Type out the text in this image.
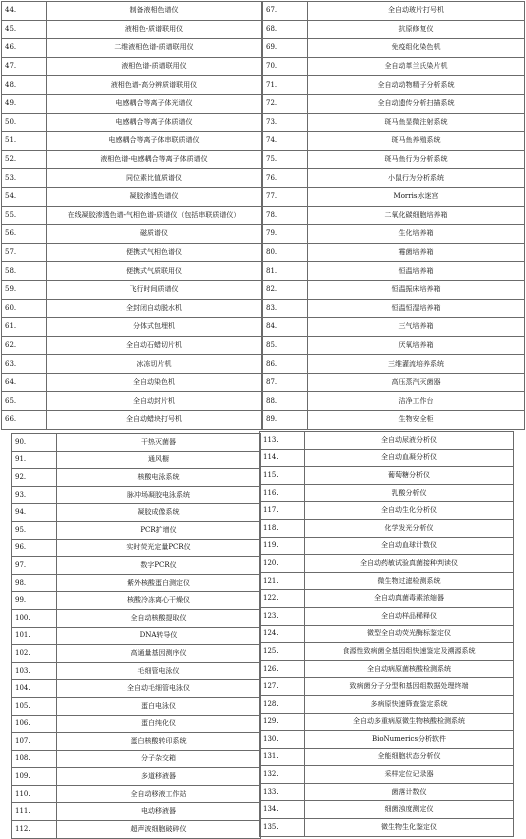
44.	制备液相色谱仪
45.	液相色-质谱联用仪
46.	二维液相色谱-质谱联用仪
47.	液相色谱-质谱联用仪
48.	液相色谱-高分辨质谱联用仪
49.	电感耦合等离子体光谱仪
50.	电感耦合等离子体质谱仪
51.	电感耦合等离子体串联质谱仪
52.	液相色谱-电感耦合等离子体质谱仪
53.	同位素比值质谱仪
54.	凝胶渗透色谱仪
55.	在线凝胶渗透色谱-气相色谱-质谱仪（包括串联质谱仪）
56.	磁质谱仪
57.	便携式气相色谱仪
58.	便携式气质联用仪
59.	飞行时间质谱仪
60.	全封闭自动脱水机
61.	分体式包埋机
62.	全自动石蜡切片机
63.	冰冻切片机
64.	全自动染色机
65.	全自动封片机
66.	全自动蜡块打号机
67.	全自动玻片打号机
68.	抗原修复仪
69.	免疫组化染色机
70.	全自动革兰氏染片机
71.	全自动动物精子分析系统
72.	全自动遗传分析扫描系统
73.	斑马鱼显微注射系统
74.	斑马鱼养殖系统
75.	斑马鱼行为分析系统
76.	小鼠行为分析系统
77.	Morris水迷宫
78.	二氧化碳细胞培养箱
79.	生化培养箱
80.	霉菌培养箱
81.	恒温培养箱
82.	恒温振床培养箱
83.	恒温恒湿培养箱
84.	三气培养箱
85.	厌氧培养箱
86.	三维灌流培养系统
87.	高压蒸汽灭菌器
88.	洁净工作台
89.	生物安全柜
90.	干热灭菌器
91.	通风橱
92.	核酸电泳系统
93.	脉冲场凝胶电泳系统
94.	凝胶成像系统
95.	PCR扩增仪
96.	实时荧光定量PCR仪
97.	数字PCR仪
98.	紫外核酸蛋白测定仪
99.	核酸冷冻离心干燥仪
100.	全自动核酸提取仪
101.	DNA转导仪
102.	高通量基因测序仪
103.	毛细管电泳仪
104.	全自动毛细管电泳仪
105.	蛋白电泳仪
106.	蛋白纯化仪
107.	蛋白核酸转印系统
108.	分子杂交箱
109.	多道移液器
110.	全自动移液工作站
111.	电动移液器
112.	超声波细胞破碎仪
113.	全自动尿液分析仪
114.	全自动血凝分析仪
115.	葡萄糖分析仪
116.	乳酸分析仪
117.	全自动生化分析仪
118.	化学发光分析仪
119.	全自动血球计数仪
120.	全自动药敏试验真菌接种判读仪
121.	微生物过滤检测系统
122.	全自动真菌毒素浓缩器
123.	全自动样品稀释仪
124.	微型全自动荧光酶标鉴定仪
125.	食源性致病菌全基因组快速鉴定及溯源系统
126.	全自动病原菌核酸检测系统
127.	致病菌分子分型和基因组数据处理终端
128.	多病原快速筛查鉴定系统
129.	全自动多重病原微生物核酸检测系统
130.	BioNumerics分析软件
131.	全能细胞状态分析仪
132.	采样定位记录器
133.	菌落计数仪
134.	细菌浊度测定仪
135.	微生物生化鉴定仪
